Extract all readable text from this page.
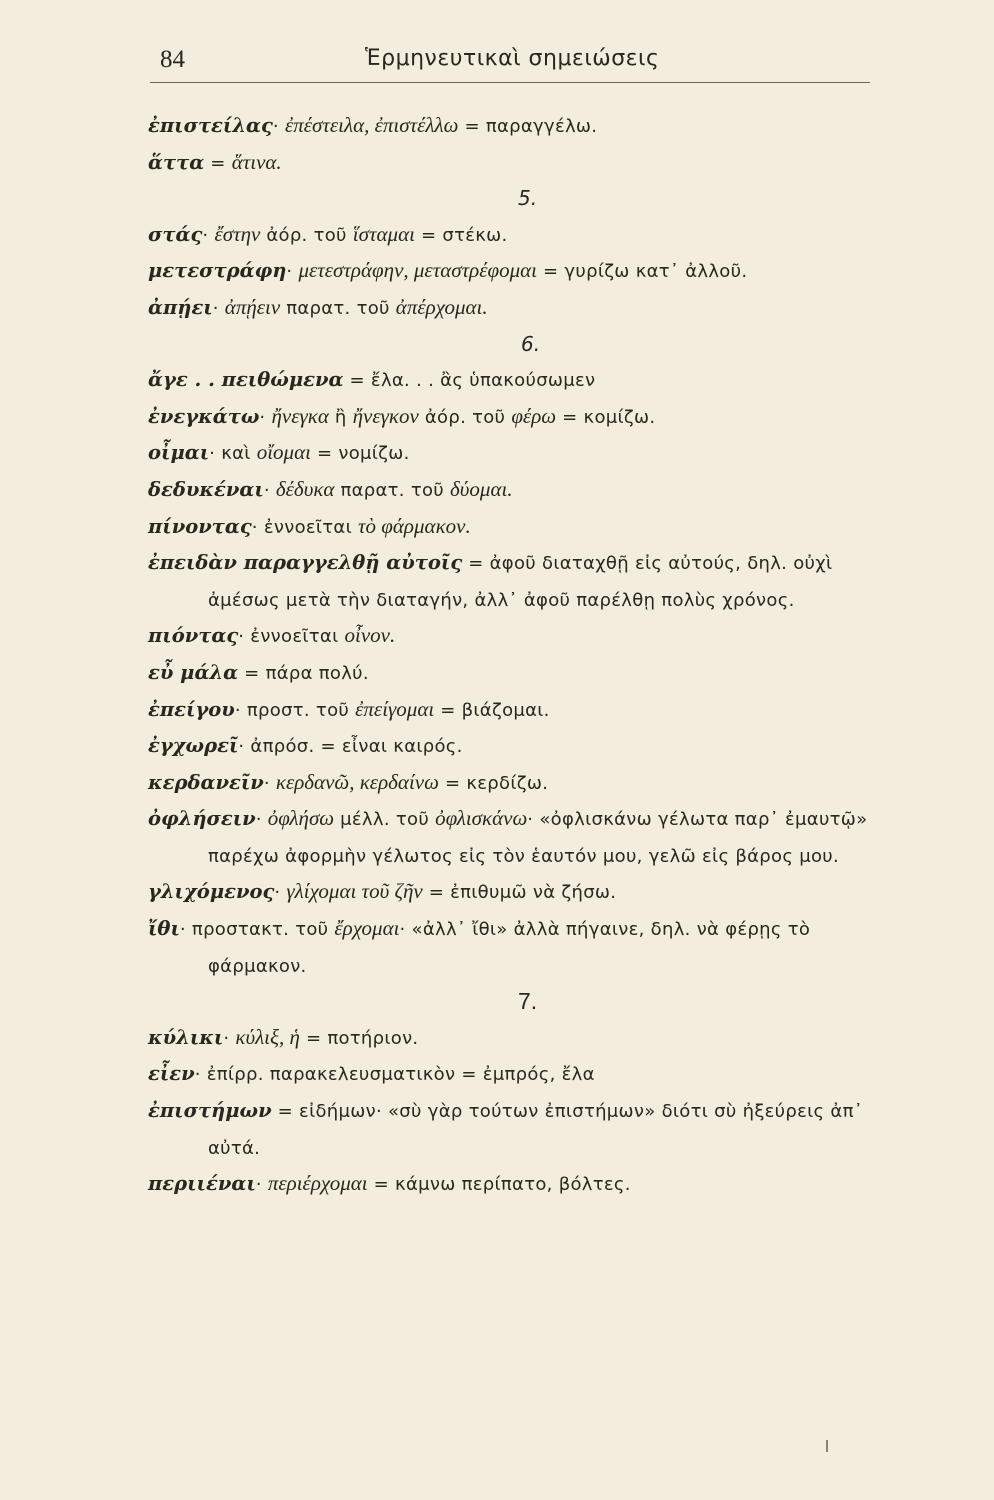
84	Ἑρμηνευτικαὶ σημειώσεις
ἐπιστείλας· ἐπέστειλα, ἐπιστέλλω = παραγγέλω.
ἅττα = ἅτινα.
5.
στάς· ἔστην ἀόρ. τοῦ ἵσταμαι = στέκω.
μετεστράφη· μετεστράφην, μεταστρέφομαι = γυρίζω κατ᾽ ἀλλοῦ.
ἀπῄει· ἀπῄειν παρατ. τοῦ ἀπέρχομαι.
6.
ἄγε . . πειθώμενα = ἔλα. . . ἂς ὑπακούσωμεν
ἐνεγκάτω· ἤνεγκα ἢ ἤνεγκον ἀόρ. τοῦ φέρω = κομίζω.
οἶμαι· καὶ οἴομαι = νομίζω.
δεδυκέναι· δέδυκα παρατ. τοῦ δύομαι.
πίνοντας· ἐννοεῖται τὸ φάρμακον.
ἐπειδὰν παραγγελθῇ αὐτοῖς = ἀφοῦ διαταχθῇ εἰς αὐτούς, δηλ. οὐχὶ ἀμέσως μετὰ τὴν διαταγήν, ἀλλ᾽ ἀφοῦ παρέλθῃ πολὺς χρόνος.
πιόντας· ἐννοεῖται οἶνον.
εὖ μάλα = πάρα πολύ.
ἐπείγου· προστ. τοῦ ἐπείγομαι = βιάζομαι.
ἐγχωρεῖ· ἀπρόσ. = εἶναι καιρός.
κερδανεῖν· κερδανῶ, κερδαίνω = κερδίζω.
ὀφλήσειν· ὀφλήσω μέλλ. τοῦ ὀφλισκάνω· «ὀφλισκάνω γέλωτα παρ᾽ ἐμαυτῷ» παρέχω ἀφορμὴν γέλωτος εἰς τὸν ἑαυτόν μου, γελῶ εἰς βάρος μου.
γλιχόμενος· γλίχομαι τοῦ ζῆν = ἐπιθυμῶ νὰ ζήσω.
ἴθι· προστακτ. τοῦ ἔρχομαι· «ἀλλ᾽ ἴθι» ἀλλὰ πήγαινε, δηλ. νὰ φέρῃς τὸ φάρμακον.
7.
κύλικι· κύλιξ, ἡ = ποτήριον.
εἶεν· ἐπίρρ. παρακελευσματικὸν = ἐμπρός, ἔλα
ἐπιστήμων = εἰδήμων· «σὺ γὰρ τούτων ἐπιστήμων» διότι σὺ ἠξεύρεις ἀπ᾽ αὐτά.
περιιέναι· περιέρχομαι = κάμνω περίπατο, βόλτες.
